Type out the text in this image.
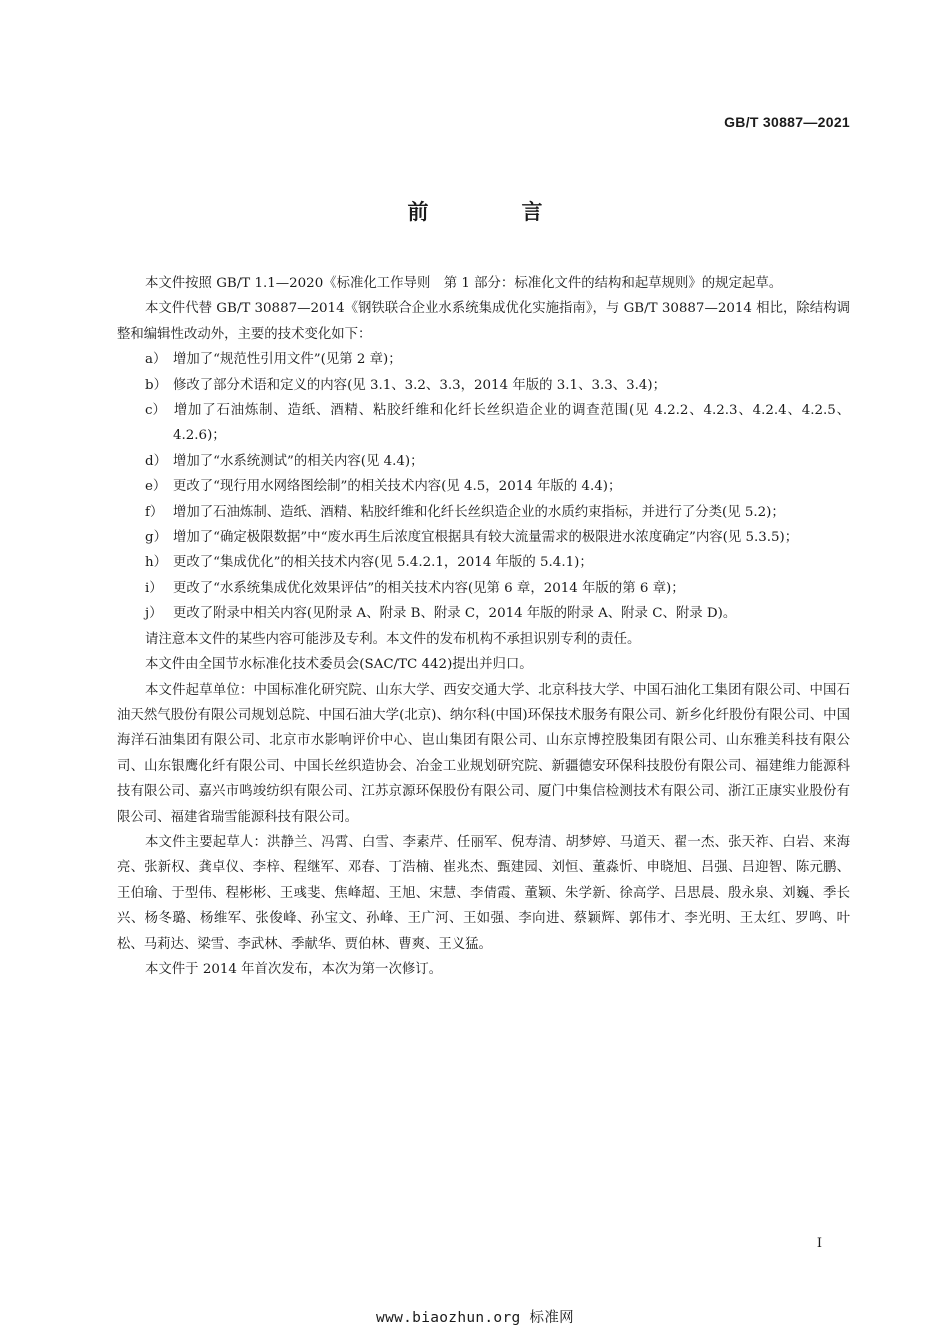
GB/T 30887—2021
前　言

本文件按照 GB/T 1.1—2020《标准化工作导则　第 1 部分：标准化文件的结构和起草规则》的规定起草。

本文件代替 GB/T 30887—2014《钢铁联合企业水系统集成优化实施指南》，与 GB/T 30887—2014 相比，除结构调整和编辑性改动外，主要的技术变化如下：

a） 增加了“规范性引用文件”(见第 2 章)；

b） 修改了部分术语和定义的内容(见 3.1、3.2、3.3，2014 年版的 3.1、3.3、3.4)；

c） 增加了石油炼制、造纸、酒精、粘胶纤维和化纤长丝织造企业的调查范围(见 4.2.2、4.2.3、4.2.4、4.2.5、4.2.6)；

d） 增加了“水系统测试”的相关内容(见 4.4)；

e） 更改了“现行用水网络图绘制”的相关技术内容(见 4.5，2014 年版的 4.4)；

f） 增加了石油炼制、造纸、酒精、粘胶纤维和化纤长丝织造企业的水质约束指标，并进行了分类(见 5.2)；

g） 增加了“确定极限数据”中“废水再生后浓度宜根据具有较大流量需求的极限进水浓度确定”内容(见 5.3.5)；

h） 更改了“集成优化”的相关技术内容(见 5.4.2.1，2014 年版的 5.4.1)；

i） 更改了“水系统集成优化效果评估”的相关技术内容(见第 6 章，2014 年版的第 6 章)；

j） 更改了附录中相关内容(见附录 A、附录 B、附录 C，2014 年版的附录 A、附录 C、附录 D)。

请注意本文件的某些内容可能涉及专利。本文件的发布机构不承担识别专利的责任。

本文件由全国节水标准化技术委员会(SAC/TC 442)提出并归口。

本文件起草单位：中国标准化研究院、山东大学、西安交通大学、北京科技大学、中国石油化工集团有限公司、中国石油天然气股份有限公司规划总院、中国石油大学(北京)、纳尔科(中国)环保技术服务有限公司、新乡化纤股份有限公司、中国海洋石油集团有限公司、北京市水影响评价中心、岜山集团有限公司、山东京博控股集团有限公司、山东雅美科技有限公司、山东银鹰化纤有限公司、中国长丝织造协会、冶金工业规划研究院、新疆德安环保科技股份有限公司、福建维力能源科技有限公司、嘉兴市鸣竣纺织有限公司、江苏京源环保股份有限公司、厦门中集信检测技术有限公司、浙江正康实业股份有限公司、福建省瑞雪能源科技有限公司。

本文件主要起草人：洪静兰、冯霄、白雪、李素芹、任丽军、倪寿清、胡梦婷、马道天、翟一杰、张天祚、白岩、来海亮、张新权、龚卓仪、李梓、程继军、邓春、丁浩楠、崔兆杰、甄建园、刘恒、董淼忻、申晓旭、吕强、吕迎智、陈元鹏、王伯瑜、于型伟、程彬彬、王彧斐、焦峰超、王旭、宋慧、李倩霞、董颖、朱学新、徐高学、吕思晨、殷永泉、刘巍、季长兴、杨冬璐、杨维军、张俊峰、孙宝文、孙峰、王广河、王如强、李向进、蔡颖辉、郭伟才、李光明、王太红、罗鸣、叶松、马莉达、梁雪、李武林、季献华、贾伯林、曹爽、王义猛。

本文件于 2014 年首次发布，本次为第一次修订。

I
www.biaozhun.org 标准网
